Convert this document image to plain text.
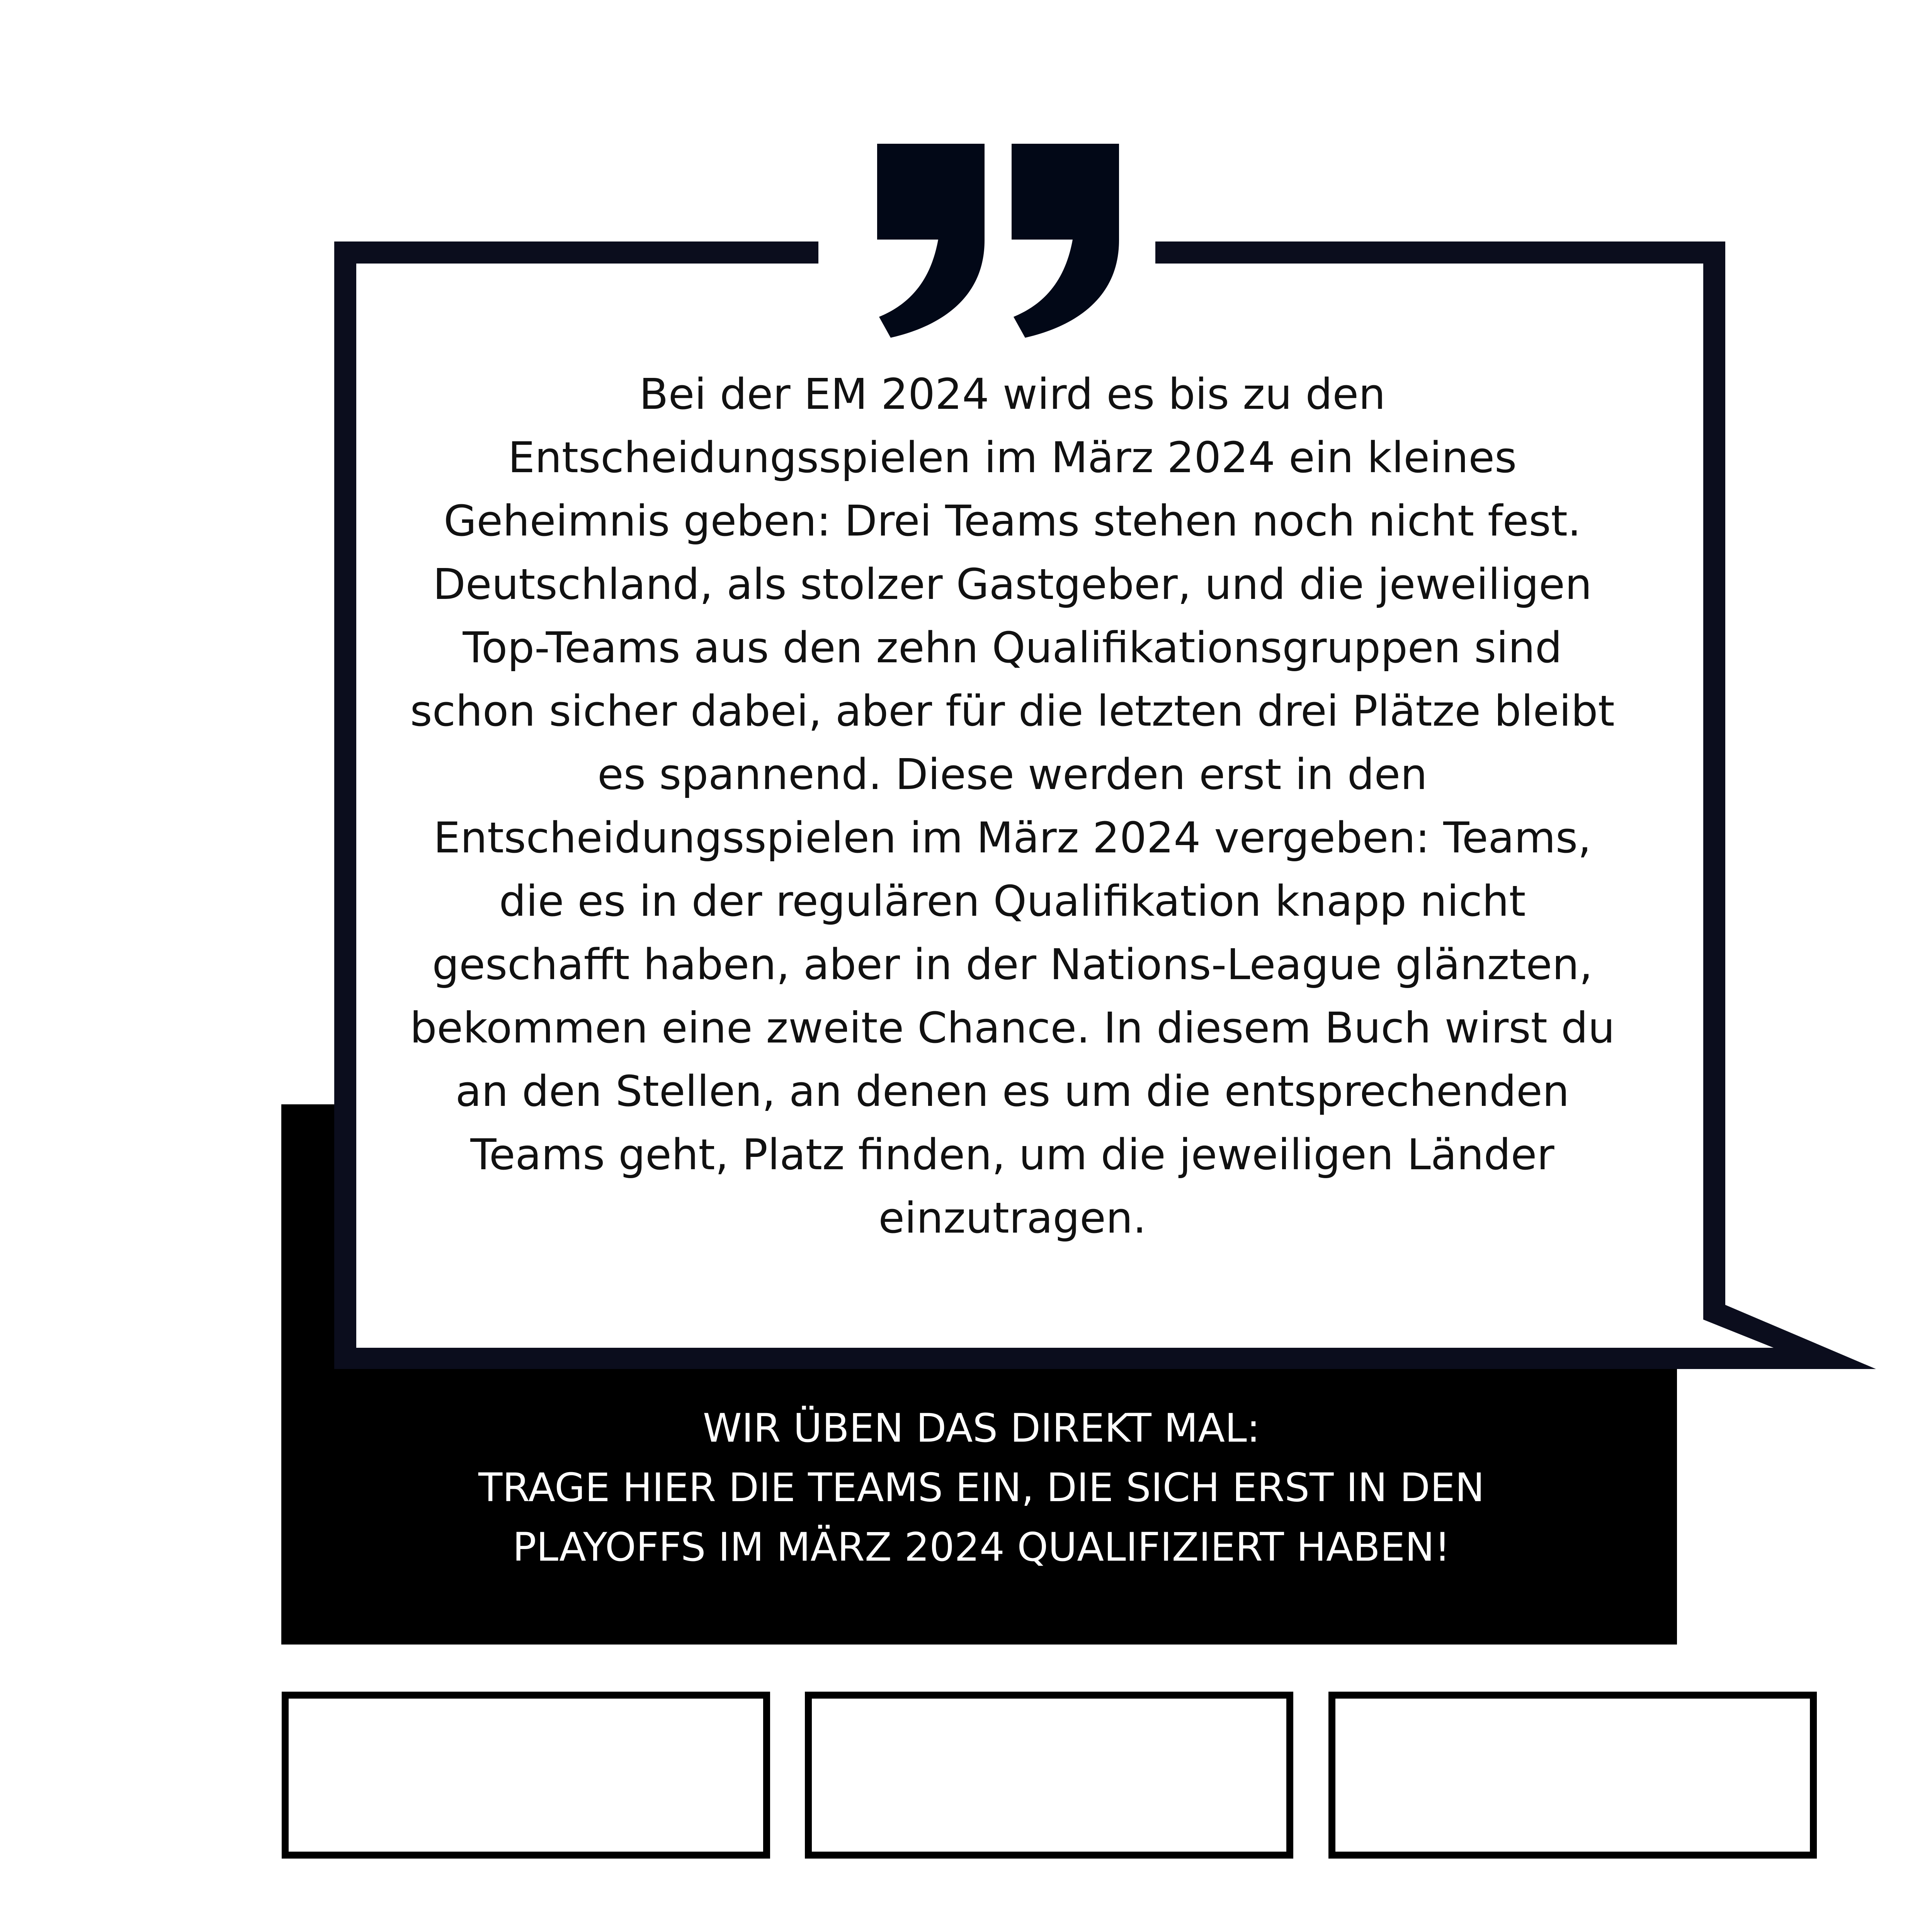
Bei der EM 2024 wird es bis zu den Entscheidungsspielen im März 2024 ein kleines Geheimnis geben: Drei Teams stehen noch nicht fest. Deutschland, als stolzer Gastgeber, und die jeweiligen Top-Teams aus den zehn Qualifikationsgruppen sind schon sicher dabei, aber für die letzten drei Plätze bleibt es spannend. Diese werden erst in den Entscheidungsspielen im März 2024 vergeben: Teams, die es in der regulären Qualifikation knapp nicht geschafft haben, aber in der Nations-League glänzten, bekommen eine zweite Chance. In diesem Buch wirst du an den Stellen, an denen es um die entsprechenden Teams geht, Platz finden, um die jeweiligen Länder einzutragen.

WIR ÜBEN DAS DIREKT MAL:
TRAGE HIER DIE TEAMS EIN, DIE SICH ERST IN DEN
PLAYOFFS IM MÄRZ 2024 QUALIFIZIERT HABEN!
